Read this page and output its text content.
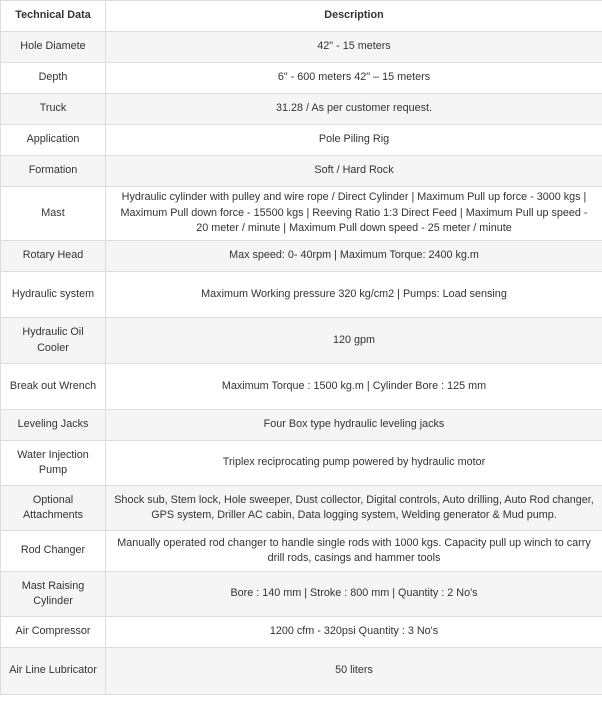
Technical Data	Description
Hole Diamete	42" - 15 meters
Depth	6" - 600 meters 42" – 15 meters
Truck	31.28 / As per customer request.
Application	Pole Piling Rig
Formation	Soft / Hard Rock
Mast	Hydraulic cylinder with pulley and wire rope / Direct Cylinder | Maximum Pull up force - 3000 kgs | Maximum Pull down force - 15500 kgs | Reeving Ratio 1:3 Direct Feed | Maximum Pull up speed - 20 meter / minute | Maximum Pull down speed - 25 meter / minute
Rotary Head	Max speed: 0- 40rpm | Maximum Torque: 2400 kg.m
Hydraulic system	Maximum Working pressure 320 kg/cm2 | Pumps: Load sensing
Hydraulic Oil Cooler	120 gpm
Break out Wrench	Maximum Torque : 1500 kg.m | Cylinder Bore : 125 mm
Leveling Jacks	Four Box type hydraulic leveling jacks
Water Injection Pump	Triplex reciprocating pump powered by hydraulic motor
Optional Attachments	Shock sub, Stem lock, Hole sweeper, Dust collector, Digital controls, Auto drilling, Auto Rod changer, GPS system, Driller AC cabin, Data logging system, Welding generator & Mud pump.
Rod Changer	Manually operated rod changer to handle single rods with 1000 kgs. Capacity pull up winch to carry drill rods, casings and hammer tools
Mast Raising Cylinder	Bore : 140 mm | Stroke : 800 mm | Quantity : 2 No's
Air Compressor	1200 cfm - 320psi Quantity : 3 No's
Air Line Lubricator	50 liters
